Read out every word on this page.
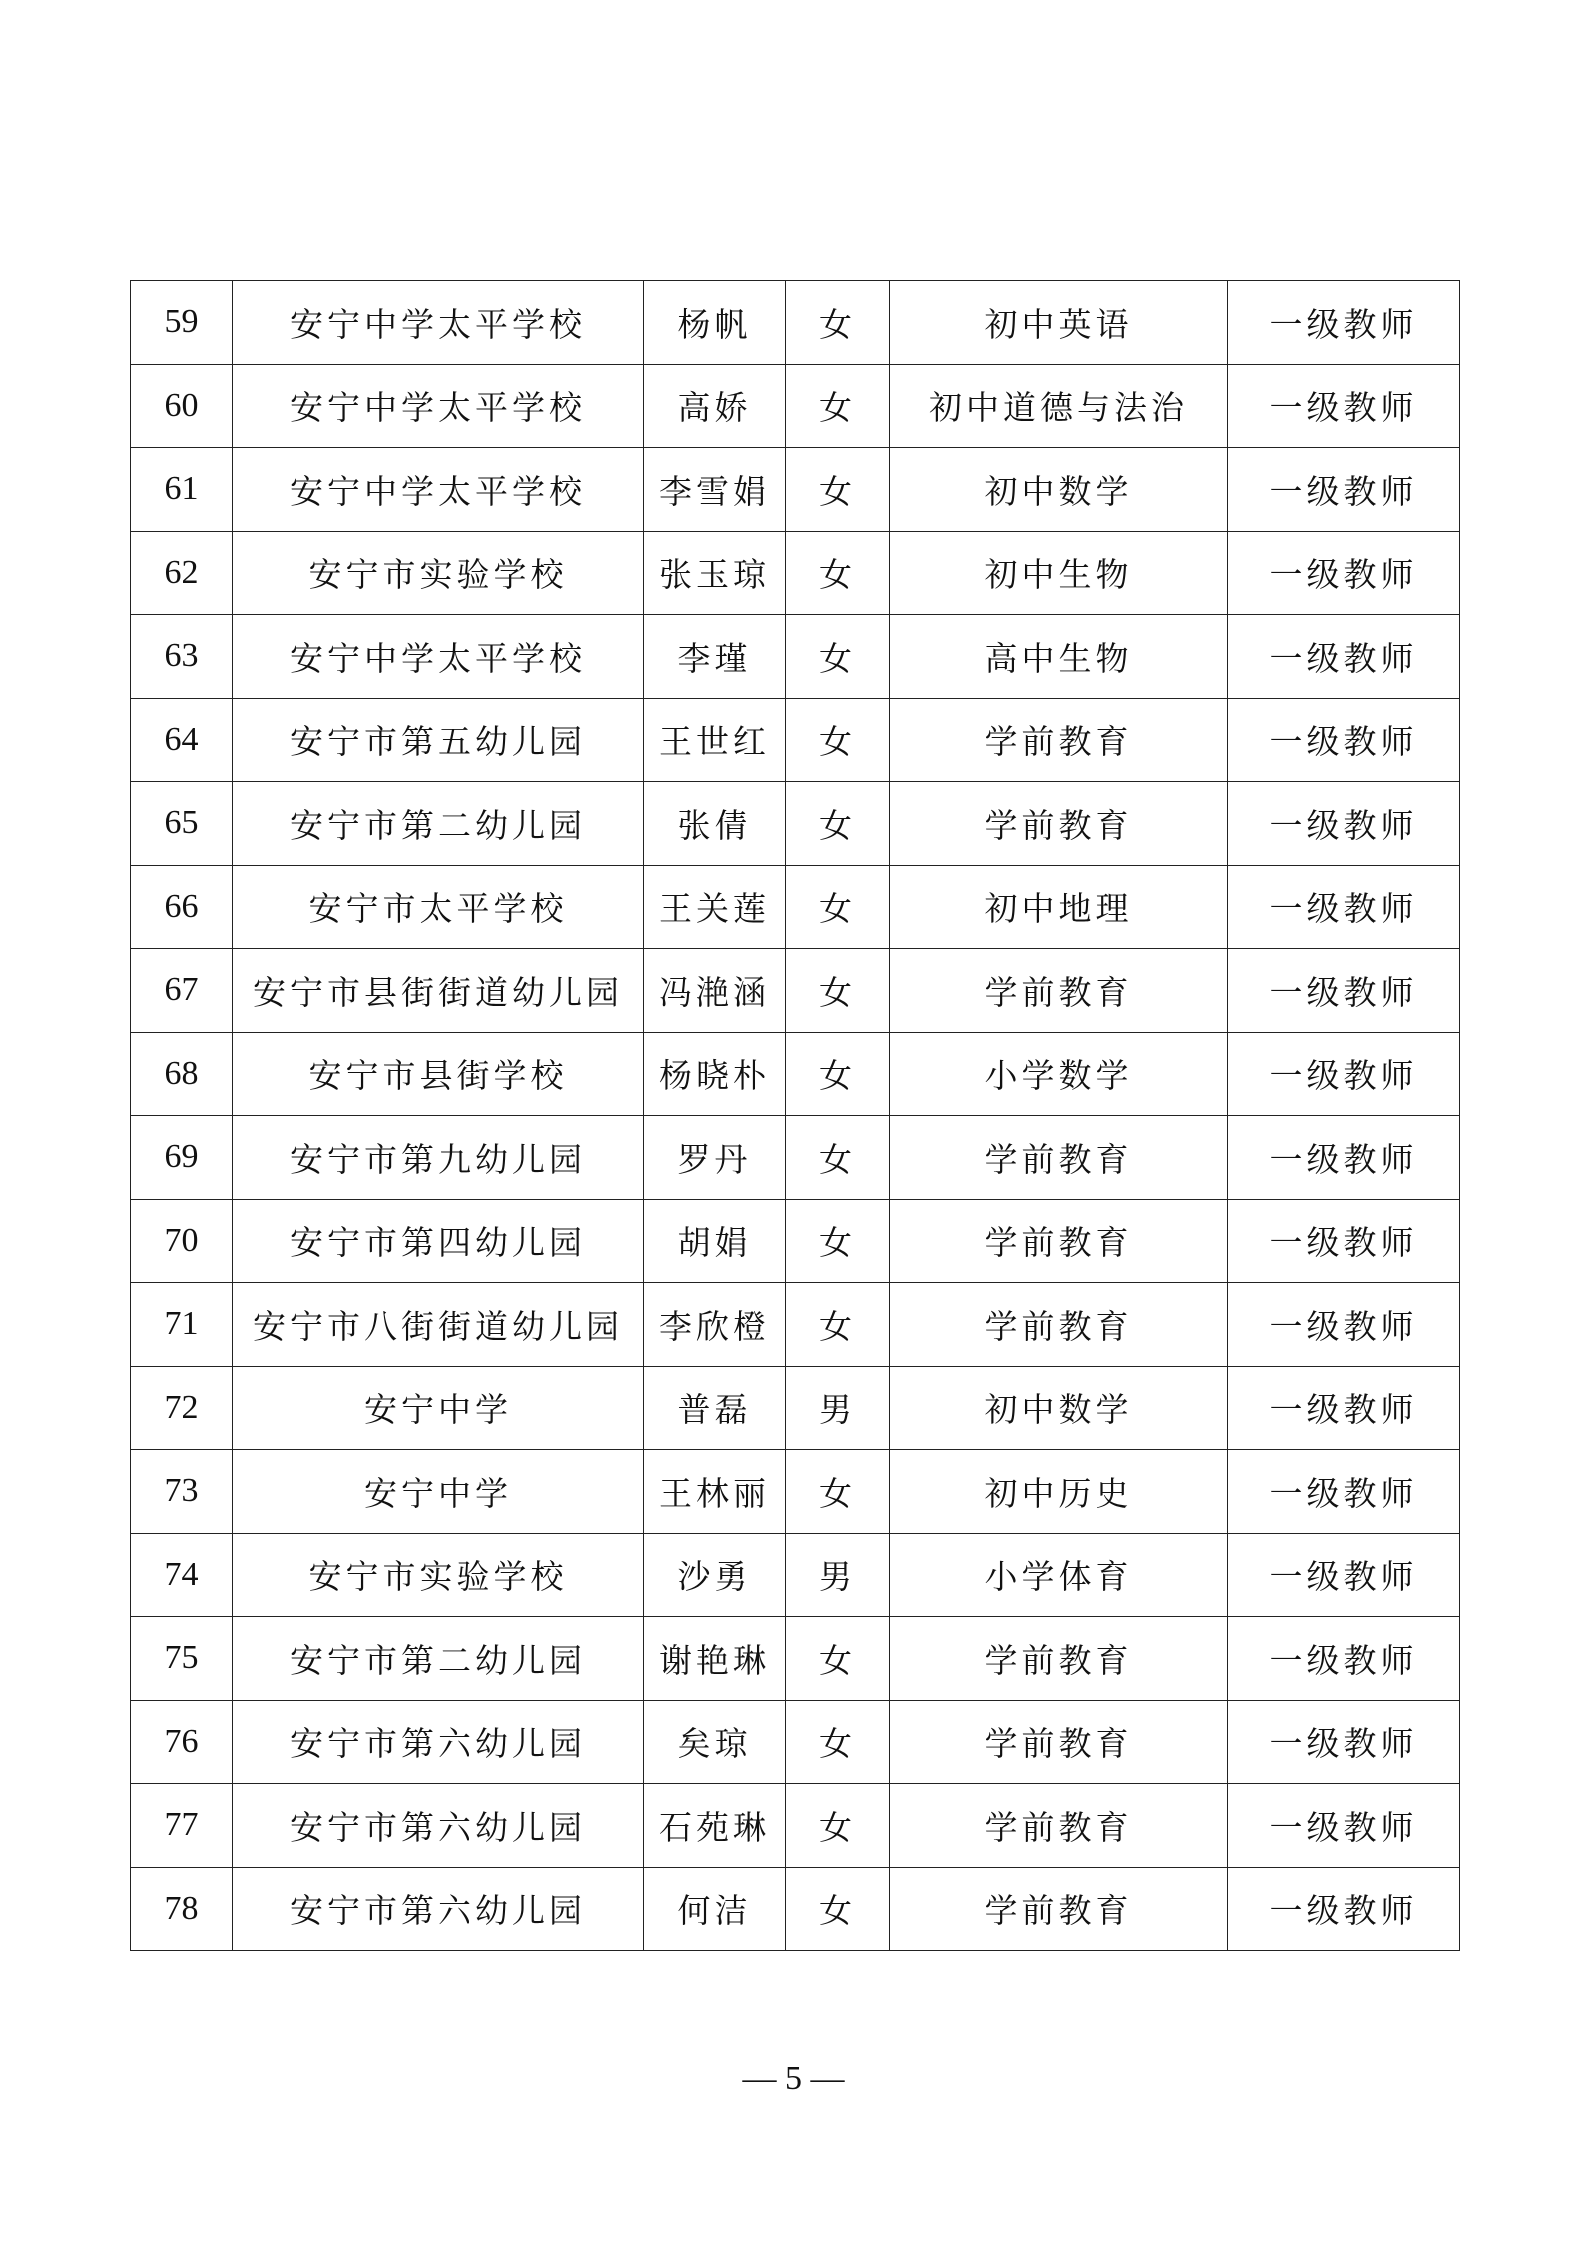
59	安宁中学太平学校	杨帆	女	初中英语	一级教师
60	安宁中学太平学校	高娇	女	初中道德与法治	一级教师
61	安宁中学太平学校	李雪娟	女	初中数学	一级教师
62	安宁市实验学校	张玉琼	女	初中生物	一级教师
63	安宁中学太平学校	李瑾	女	高中生物	一级教师
64	安宁市第五幼儿园	王世红	女	学前教育	一级教师
65	安宁市第二幼儿园	张倩	女	学前教育	一级教师
66	安宁市太平学校	王关莲	女	初中地理	一级教师
67	安宁市县街街道幼儿园	冯滟涵	女	学前教育	一级教师
68	安宁市县街学校	杨晓朴	女	小学数学	一级教师
69	安宁市第九幼儿园	罗丹	女	学前教育	一级教师
70	安宁市第四幼儿园	胡娟	女	学前教育	一级教师
71	安宁市八街街道幼儿园	李欣橙	女	学前教育	一级教师
72	安宁中学	普磊	男	初中数学	一级教师
73	安宁中学	王林丽	女	初中历史	一级教师
74	安宁市实验学校	沙勇	男	小学体育	一级教师
75	安宁市第二幼儿园	谢艳琳	女	学前教育	一级教师
76	安宁市第六幼儿园	矣琼	女	学前教育	一级教师
77	安宁市第六幼儿园	石苑琳	女	学前教育	一级教师
78	安宁市第六幼儿园	何洁	女	学前教育	一级教师
— 5 —
